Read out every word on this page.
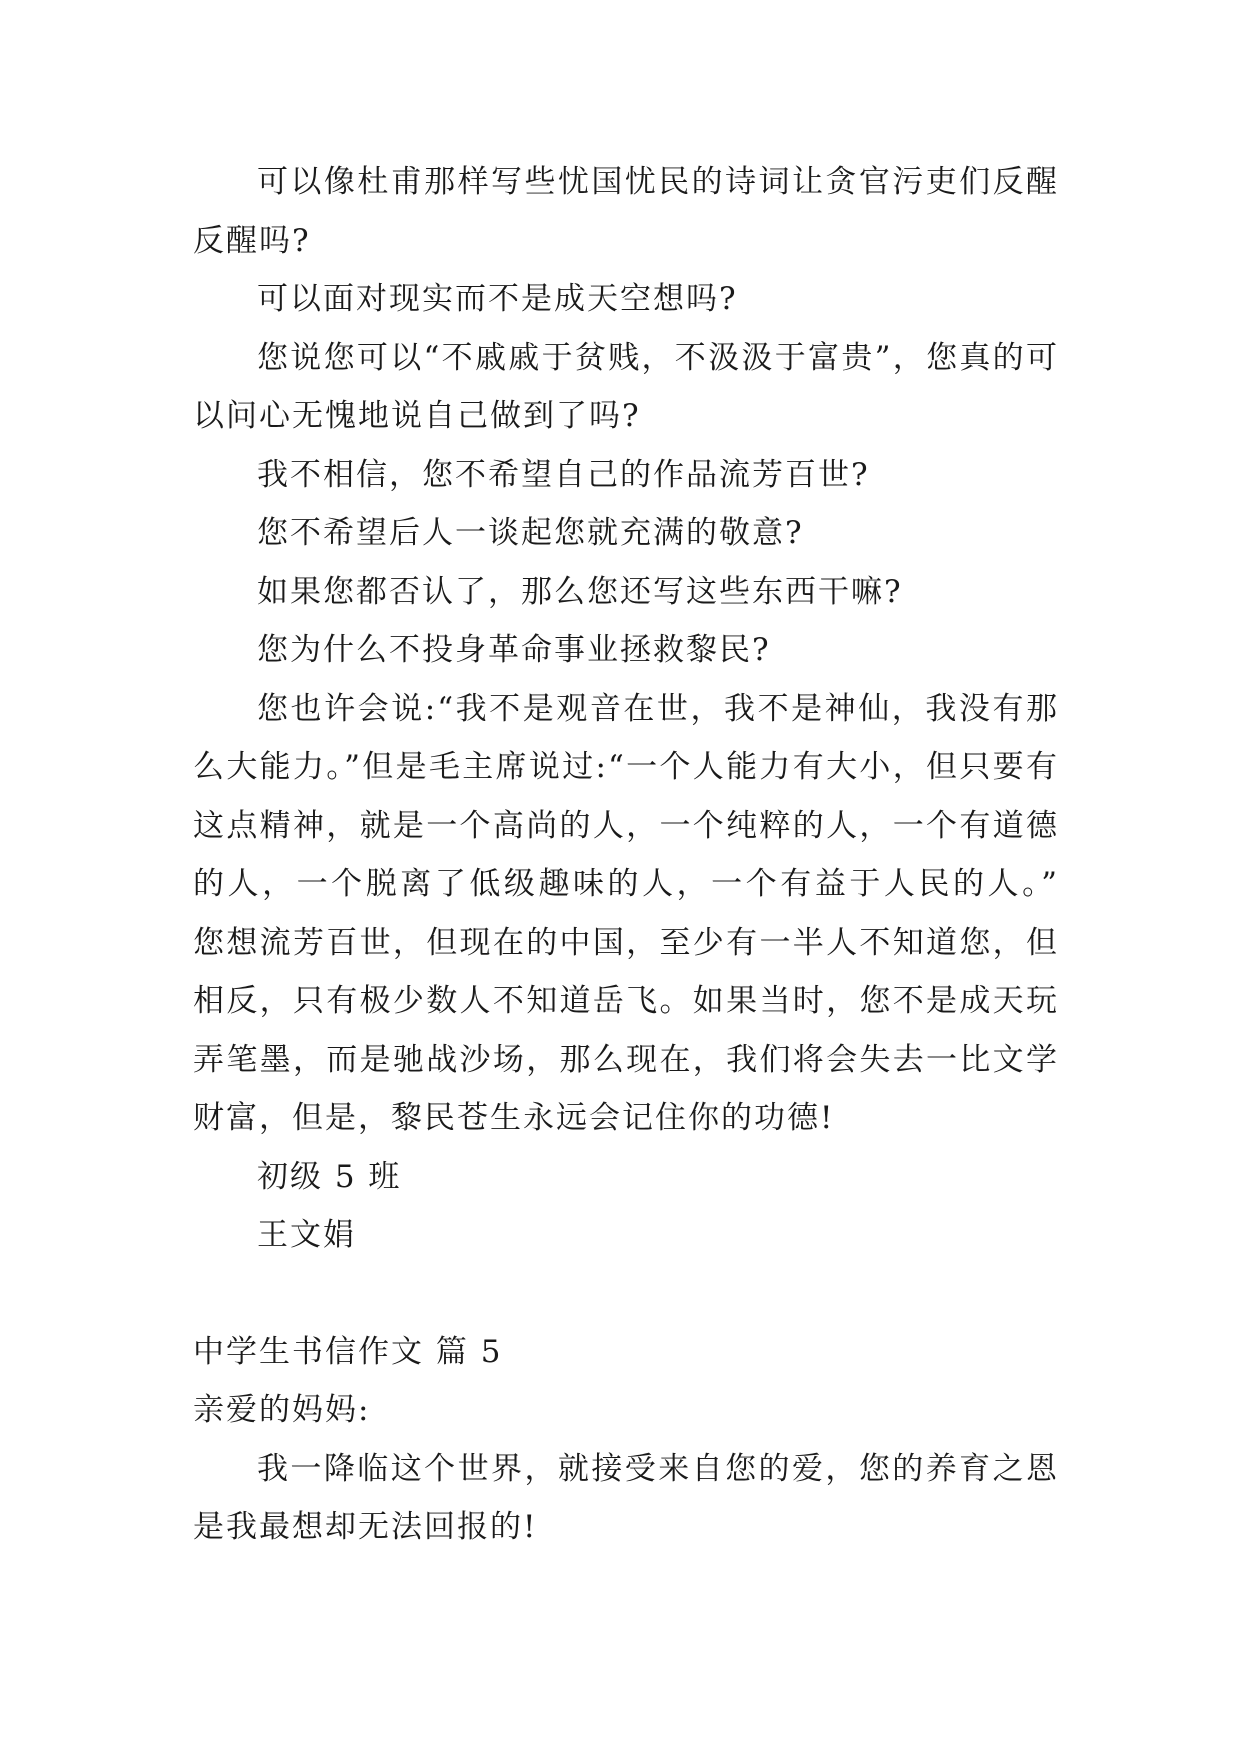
可以像杜甫那样写些忧国忧民的诗词让贪官污吏们反醒反醒吗?

可以面对现实而不是成天空想吗?

您说您可以“不戚戚于贫贱，不汲汲于富贵”，您真的可以问心无愧地说自己做到了吗?

我不相信，您不希望自己的作品流芳百世?

您不希望后人一谈起您就充满的敬意?

如果您都否认了，那么您还写这些东西干嘛?

您为什么不投身革命事业拯救黎民?

您也许会说:“我不是观音在世，我不是神仙，我没有那么大能力。”但是毛主席说过:“一个人能力有大小，但只要有这点精神，就是一个高尚的人，一个纯粹的人，一个有道德的人，一个脱离了低级趣味的人，一个有益于人民的人。” 您想流芳百世，但现在的中国，至少有一半人不知道您，但相反，只有极少数人不知道岳飞。如果当时，您不是成天玩弄笔墨，而是驰战沙场，那么现在，我们将会失去一比文学财富，但是，黎民苍生永远会记住你的功德!

初级 5 班

王文娟

中学生书信作文 篇 5

亲爱的妈妈:

我一降临这个世界，就接受来自您的爱，您的养育之恩是我最想却无法回报的!
